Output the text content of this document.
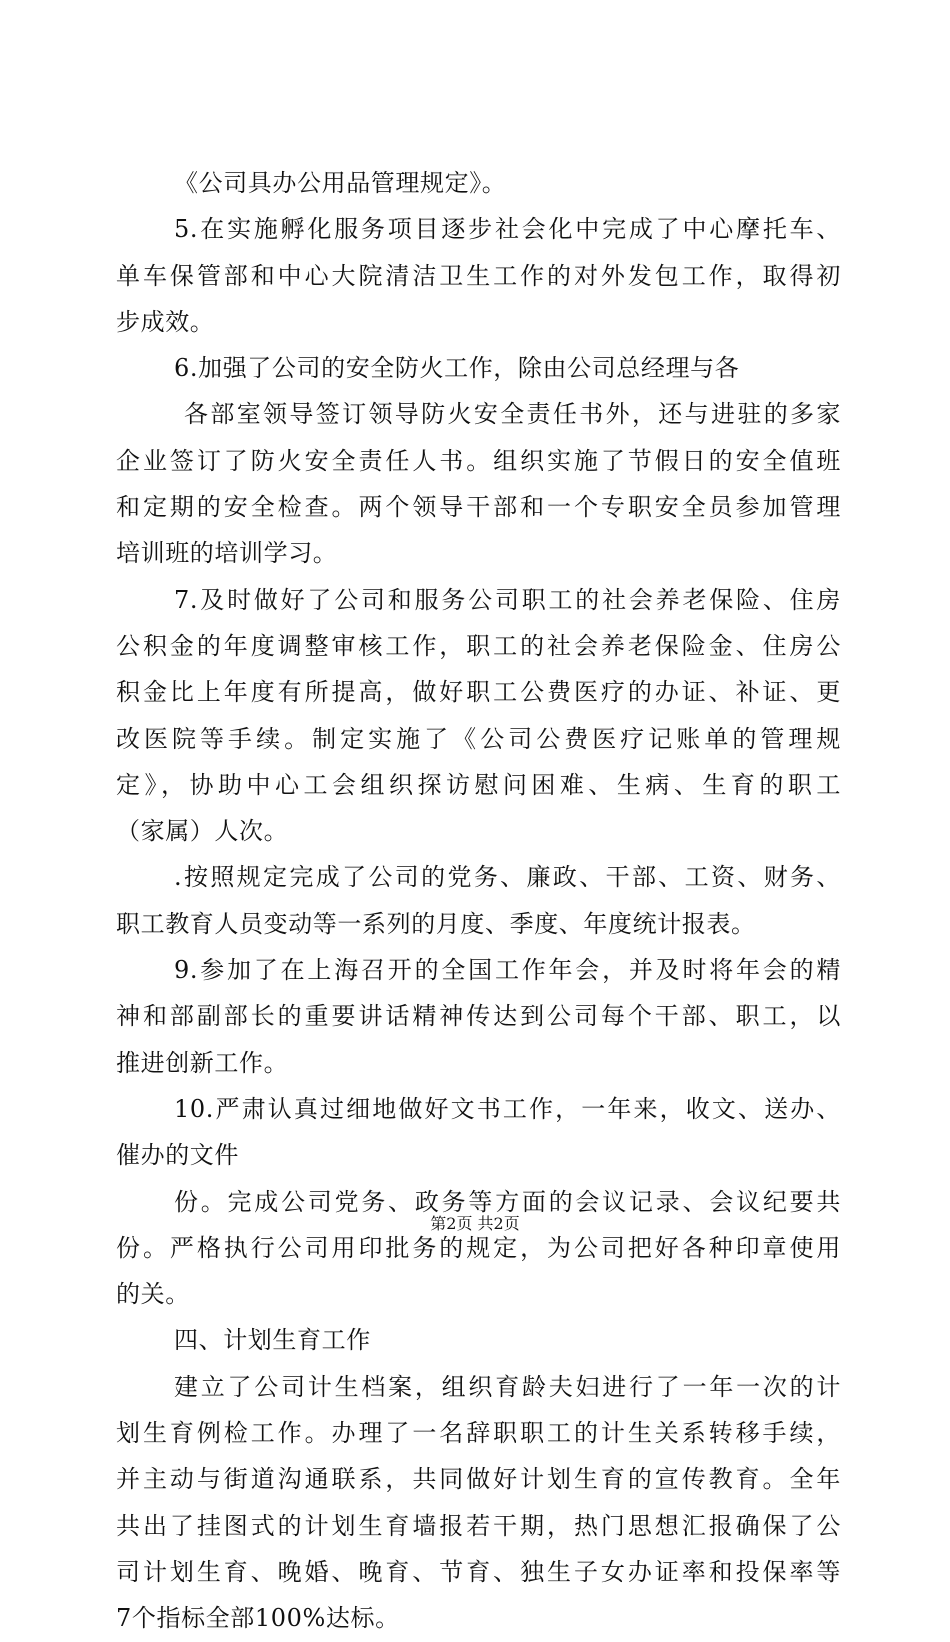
《公司具办公用品管理规定》。
5.在实施孵化服务项目逐步社会化中完成了中心摩托车、
单车保管部和中心大院清洁卫生工作的对外发包工作，取得初
步成效。
6.加强了公司的安全防火工作，除由公司总经理与各
各部室领导签订领导防火安全责任书外，还与进驻的多家
企业签订了防火安全责任人书。组织实施了节假日的安全值班
和定期的安全检查。两个领导干部和一个专职安全员参加管理
培训班的培训学习。
7.及时做好了公司和服务公司职工的社会养老保险、住房
公积金的年度调整审核工作，职工的社会养老保险金、住房公
积金比上年度有所提高，做好职工公费医疗的办证、补证、更
改医院等手续。制定实施了《公司公费医疗记账单的管理规
定》，协助中心工会组织探访慰问困难、生病、生育的职工
（家属）人次。
.按照规定完成了公司的党务、廉政、干部、工资、财务、
职工教育人员变动等一系列的月度、季度、年度统计报表。
9.参加了在上海召开的全国工作年会，并及时将年会的精
神和部副部长的重要讲话精神传达到公司每个干部、职工，以
推进创新工作。
10.严肃认真过细地做好文书工作，一年来，收文、送办、
催办的文件
份。完成公司党务、政务等方面的会议记录、会议纪要共
份。严格执行公司用印批务的规定，为公司把好各种印章使用
的关。
四、计划生育工作
建立了公司计生档案，组织育龄夫妇进行了一年一次的计
划生育例检工作。办理了一名辞职职工的计生关系转移手续，
并主动与街道沟通联系，共同做好计划生育的宣传教育。全年
共出了挂图式的计划生育墙报若干期，热门思想汇报确保了公
司计划生育、晚婚、晚育、节育、独生子女办证率和投保率等
7个指标全部100%达标。
第2页 共2页
